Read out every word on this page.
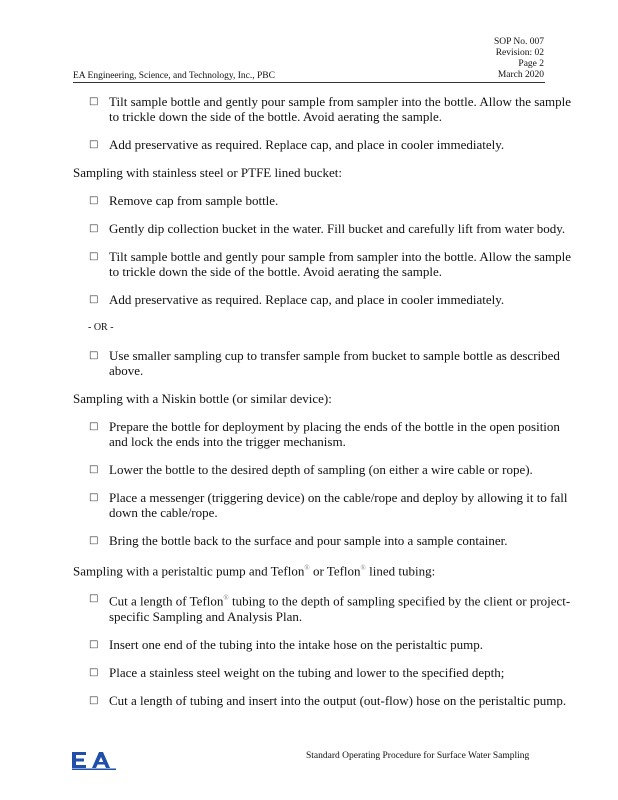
SOP No. 007
Revision: 02
Page 2
March 2020
EA Engineering, Science, and Technology, Inc., PBC
□ Tilt sample bottle and gently pour sample from sampler into the bottle. Allow the sample
to trickle down the side of the bottle. Avoid aerating the sample.
□ Add preservative as required. Replace cap, and place in cooler immediately.
Sampling with stainless steel or PTFE lined bucket:
□ Remove cap from sample bottle.
□ Gently dip collection bucket in the water. Fill bucket and carefully lift from water body.
□ Tilt sample bottle and gently pour sample from sampler into the bottle. Allow the sample
to trickle down the side of the bottle. Avoid aerating the sample.
□ Add preservative as required. Replace cap, and place in cooler immediately.
- OR -
□ Use smaller sampling cup to transfer sample from bucket to sample bottle as described
above.
Sampling with a Niskin bottle (or similar device):
□ Prepare the bottle for deployment by placing the ends of the bottle in the open position
and lock the ends into the trigger mechanism.
□ Lower the bottle to the desired depth of sampling (on either a wire cable or rope).
□ Place a messenger (triggering device) on the cable/rope and deploy by allowing it to fall
down the cable/rope.
□ Bring the bottle back to the surface and pour sample into a sample container.
Sampling with a peristaltic pump and Teflon® or Teflon® lined tubing:
□ Cut a length of Teflon® tubing to the depth of sampling specified by the client or project-
specific Sampling and Analysis Plan.
□ Insert one end of the tubing into the intake hose on the peristaltic pump.
□ Place a stainless steel weight on the tubing and lower to the specified depth;
□ Cut a length of tubing and insert into the output (out-flow) hose on the peristaltic pump.
Standard Operating Procedure for Surface Water Sampling
